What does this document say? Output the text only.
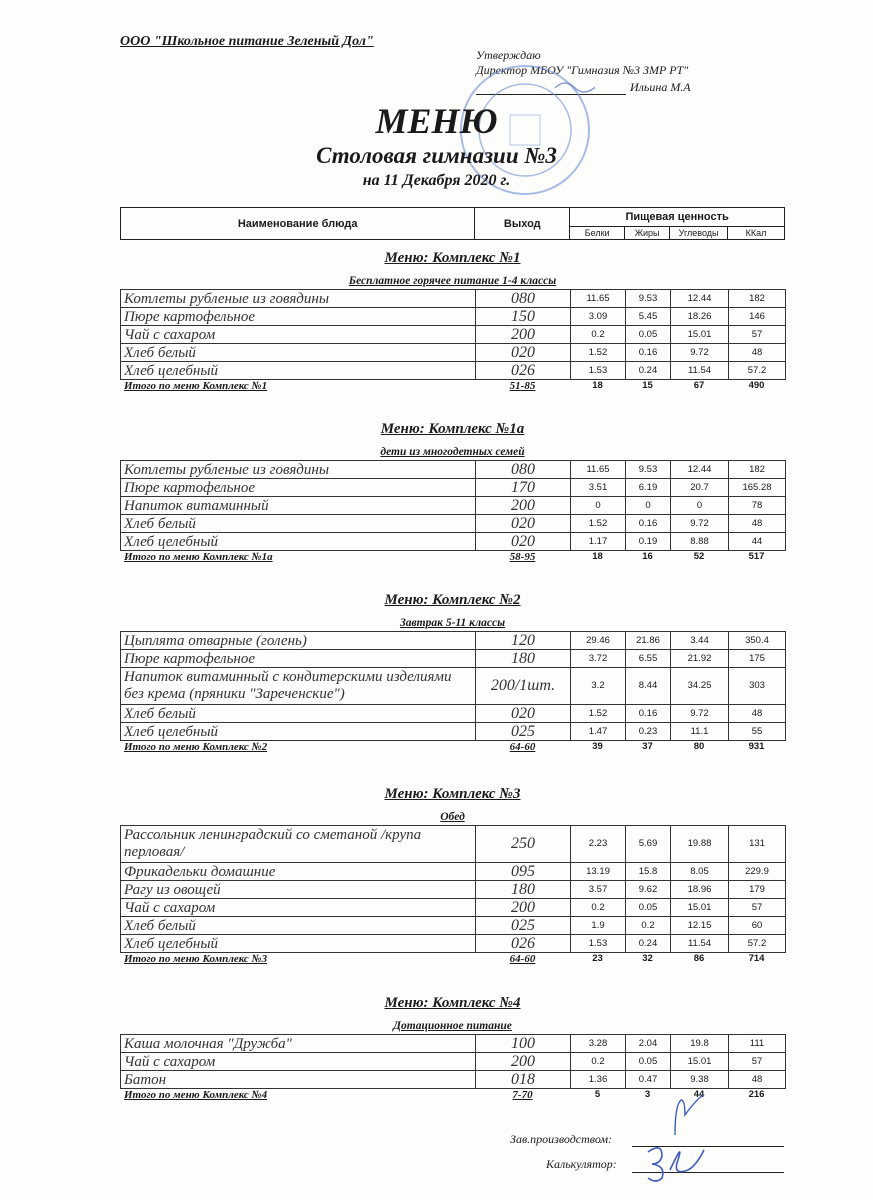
ООО "Школьное питание Зеленый Дол"
Утверждаю
Директор МБОУ "Гимназия №3 ЗМР РТ"
Ильина М.А
МЕНЮ
Столовая гимназии №3
на 11 Декабря 2020 г.
Наименование блюда	Выход	Пищевая ценность			
		Белки	Жиры	Углеводы	ККал
Меню: Комплекс №1
Бесплатное горячее питание 1-4 классы
Котлеты рубленые из говядины	080	11.65	9.53	12.44	182
Пюре картофельное	150	3.09	5.45	18.26	146
Чай с сахаром	200	0.2	0.05	15.01	57
Хлеб белый	020	1.52	0.16	9.72	48
Хлеб целебный	026	1.53	0.24	11.54	57.2
Итого по меню Комплекс №1	51-85	18	15	67	490
Меню: Комплекс №1а
дети из многодетных семей
Котлеты рубленые из говядины	080	11.65	9.53	12.44	182
Пюре картофельное	170	3.51	6.19	20.7	165.28
Напиток витаминный	200	0	0	0	78
Хлеб белый	020	1.52	0.16	9.72	48
Хлеб целебный	020	1.17	0.19	8.88	44
Итого по меню Комплекс №1а	58-95	18	16	52	517
Меню: Комплекс №2
Завтрак 5-11 классы
Цыплята отварные (голень)	120	29.46	21.86	3.44	350.4
Пюре картофельное	180	3.72	6.55	21.92	175
Напиток витаминный с кондитерскими изделиями без крема (пряники "Зареченские")	200/1шт.	3.2	8.44	34.25	303
Хлеб белый	020	1.52	0.16	9.72	48
Хлеб целебный	025	1.47	0.23	11.1	55
Итого по меню Комплекс №2	64-60	39	37	80	931
Меню: Комплекс №3
Обед
Рассольник ленинградский со сметаной /крупа перловая/	250	2.23	5.69	19.88	131
Фрикадельки домашние	095	13.19	15.8	8.05	229.9
Рагу из овощей	180	3.57	9.62	18.96	179
Чай с сахаром	200	0.2	0.05	15.01	57
Хлеб белый	025	1.9	0.2	12.15	60
Хлеб целебный	026	1.53	0.24	11.54	57.2
Итого по меню Комплекс №3	64-60	23	32	86	714
Меню: Комплекс №4
Дотационное питание
Каша молочная "Дружба"	100	3.28	2.04	19.8	111
Чай с сахаром	200	0.2	0.05	15.01	57
Батон	018	1.36	0.47	9.38	48
Итого по меню Комплекс №4	7-70	5	3	44	216
Зав.производством:
Калькулятор:
